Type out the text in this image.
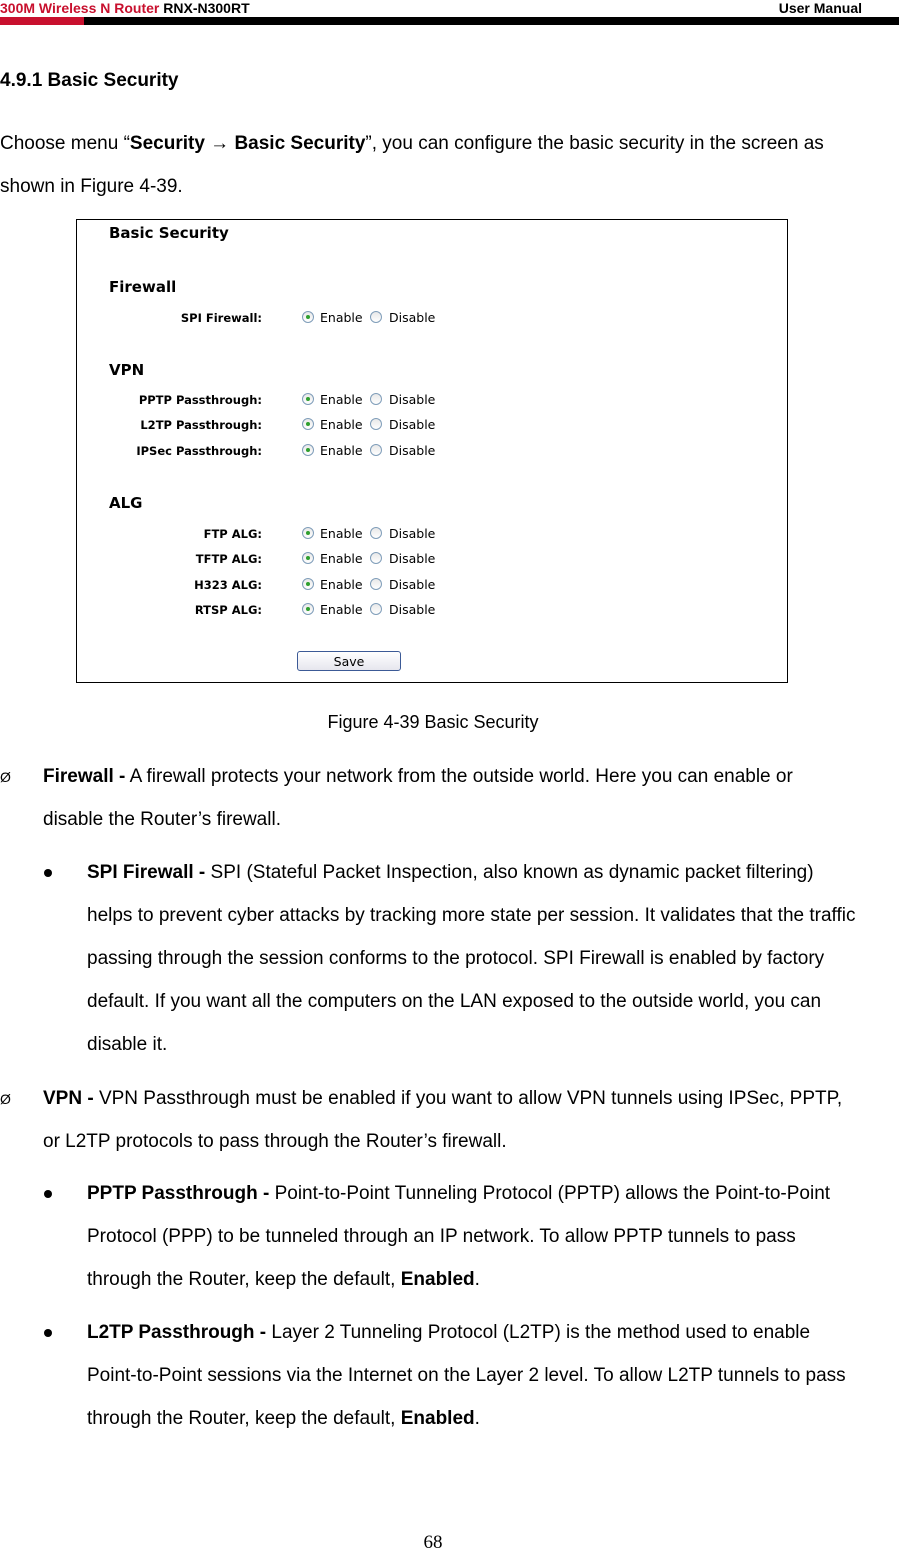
300M Wireless N Router RNX-N300RT	User Manual
4.9.1 Basic Security
Choose menu “Security → Basic Security”, you can configure the basic security in the screen as shown in Figure 4-39.
Basic Security
Firewall
VPN
ALG
SPI Firewall:	Enable Disable
PPTP Passthrough:	Enable Disable
L2TP Passthrough:	Enable Disable
IPSec Passthrough:	Enable Disable
FTP ALG:	Enable Disable
TFTP ALG:	Enable Disable
H323 ALG:	Enable Disable
RTSP ALG:	Enable Disable
Save
Figure 4-39 Basic Security
Ø Firewall - A firewall protects your network from the outside world. Here you can enable or disable the Router’s firewall.
SPI Firewall - SPI (Stateful Packet Inspection, also known as dynamic packet filtering) helps to prevent cyber attacks by tracking more state per session. It validates that the traffic passing through the session conforms to the protocol. SPI Firewall is enabled by factory default. If you want all the computers on the LAN exposed to the outside world, you can disable it.
Ø VPN - VPN Passthrough must be enabled if you want to allow VPN tunnels using IPSec, PPTP, or L2TP protocols to pass through the Router’s firewall.
PPTP Passthrough - Point-to-Point Tunneling Protocol (PPTP) allows the Point-to-Point Protocol (PPP) to be tunneled through an IP network. To allow PPTP tunnels to pass through the Router, keep the default, Enabled.
L2TP Passthrough - Layer 2 Tunneling Protocol (L2TP) is the method used to enable Point-to-Point sessions via the Internet on the Layer 2 level. To allow L2TP tunnels to pass through the Router, keep the default, Enabled.
68
